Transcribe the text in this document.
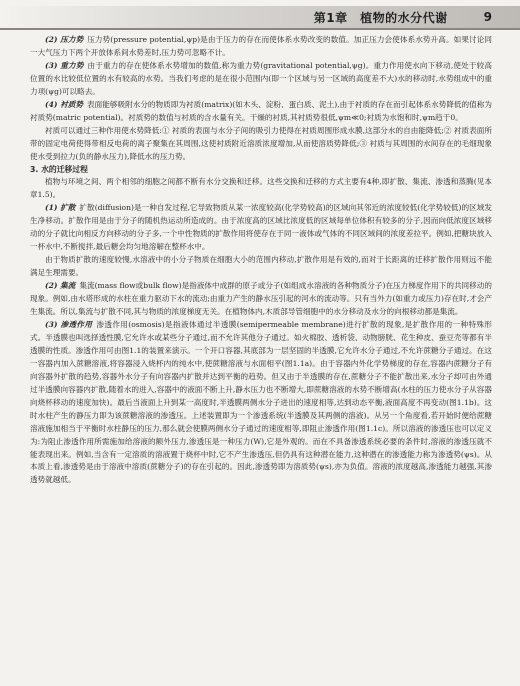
第1章　植物的水分代谢	9

(2) 压力势 压力势(pressure potential,ψp)是由于压力的存在而使体系水势改变的数值。加正压力会使体系水势升高。如果讨论同一大气压力下两个开放体系间水势差时,压力势可忽略不计。

(3) 重力势 由于重力的存在使体系水势增加的数值,称为重力势(gravitational potential,ψg)。重力作用使水向下移动,使处于较高位置的水比较低位置的水有较高的水势。当我们考虑的是在很小范围内(即一个区域与另一区域的高度差不大)水的移动时,水势组成中的重力项(ψg)可以略去。

(4) 衬质势 表面能够吸附水分的物质即为衬质(matrix)(如木头、淀粉、蛋白质、泥土),由于衬质的存在而引起体系水势降低的值称为衬质势(matric potential)。衬质势的数值与衬质的含水量有关。干燥的衬质,其衬质势很低,ψm≪0;衬质为水饱和时,ψm趋于0。

衬质可以通过三种作用使水势降低:① 衬质的表面与水分子间的吸引力使得在衬质周围形成水膜,这部分水的自由能降低;② 衬质表面所带的固定电荷使得带相反电荷的离子聚集在其周围,这使衬质附近溶质浓度增加,从而使溶质势降低;③ 衬质与其周围的水间存在的毛细现象使水受到拉力(负的静水压力),降低水的压力势。

3. 水的迁移过程

植物与环境之间、两个相邻的细胞之间都不断有水分交换和迁移。这些交换和迁移的方式主要有4种,即扩散、集流、渗透和蒸腾(见本章1.5)。

(1) 扩散 扩散(diffusion)是一种自发过程,它导致物质从某一浓度较高(化学势较高)的区域向其邻近的浓度较低(化学势较低)的区域发生净移动。扩散作用是由于分子的随机热运动所造成的。由于浓度高的区域比浓度低的区域每单位体积有较多的分子,因而向低浓度区域移动的分子就比向相反方向移动的分子多,一个中性物质的扩散作用将使存在于同一液体或气体的不同区域间的浓度差拉平。例如,把糖块放入一杯水中,不断搅拌,最后糖会均匀地溶解在整杯水中。

由于物质扩散的速度较慢,水溶液中的小分子物质在细胞大小的范围内移动,扩散作用是有效的,而对于长距离的迁移扩散作用则远不能满足生理需要。

(2) 集流 集流(mass flow或bulk flow)是指液体中成群的原子或分子(如组成水溶液的各种物质分子)在压力梯度作用下的共同移动的现象。例如,由水塔形成的水柱在重力驱动下水的流动;由重力产生的静水压引起的河水的流动等。只有当外力(如重力或压力)存在时,才会产生集流。所以,集流与扩散不同,其与物质的浓度梯度无关。在植物体内,木质部导管细胞中的水分移动及水分的向根移动都是集流。

(3) 渗透作用 渗透作用(osmosis)是指液体通过半透膜(semipermeable membrane)进行扩散的现象,是扩散作用的一种特殊形式。半透膜也叫选择透性膜,它允许水或某些分子通过,而不允许其他分子通过。如火棉胶、透析袋、动物膀胱、花生种皮、蚕豆壳等都有半透膜的性质。渗透作用可由图1.1的装置来演示。一个开口容器,其底部为一层坚固的半透膜,它允许水分子通过,不允许蔗糖分子通过。在这一容器内加入蔗糖溶液,将容器浸入烧杯内的纯水中,使蔗糖溶液与水面相平(图1.1a)。由于容器内外化学势梯度的存在,容器内蔗糖分子有向容器外扩散的趋势,容器外水分子有向容器内扩散并达到平衡的趋势。但又由于半透膜的存在,蔗糖分子不能扩散出来,水分子却可由外通过半透膜向容器内扩散,随着水的进入,容器中的液面不断上升,静水压力也不断增大,即蔗糖溶液的水势不断增高(水柱的压力使水分子从容器向烧杯移动的速度加快)。最后当液面上升到某一高度时,半透膜两侧水分子进出的速度相等,达到动态平衡,液面高度不再变动(图1.1b)。这时水柱产生的静压力即为该蔗糖溶液的渗透压。上述装置即为一个渗透系统(半透膜及其两侧的溶液)。从另一个角度看,若开始时便给蔗糖溶液施加相当于平衡时水柱静压的压力,那么就会使膜两侧水分子通过的速度相等,即阻止渗透作用(图1.1c)。所以溶液的渗透压也可以定义为:为阻止渗透作用所需施加给溶液的额外压力,渗透压是一种压力(W),它是外观的。而在不具备渗透系统必要的条件时,溶液的渗透压就不能表现出来。例如,当含有一定溶质的溶液置于烧杯中时,它不产生渗透压,但仍具有这种潜在能力,这种潜在的渗透能力称为渗透势(ψs)。从本质上看,渗透势是由于溶液中溶质(蔗糖分子)的存在引起的。因此,渗透势即为溶质势(ψs),亦为负值。溶液的浓度越高,渗透能力越强,其渗透势就越低。
